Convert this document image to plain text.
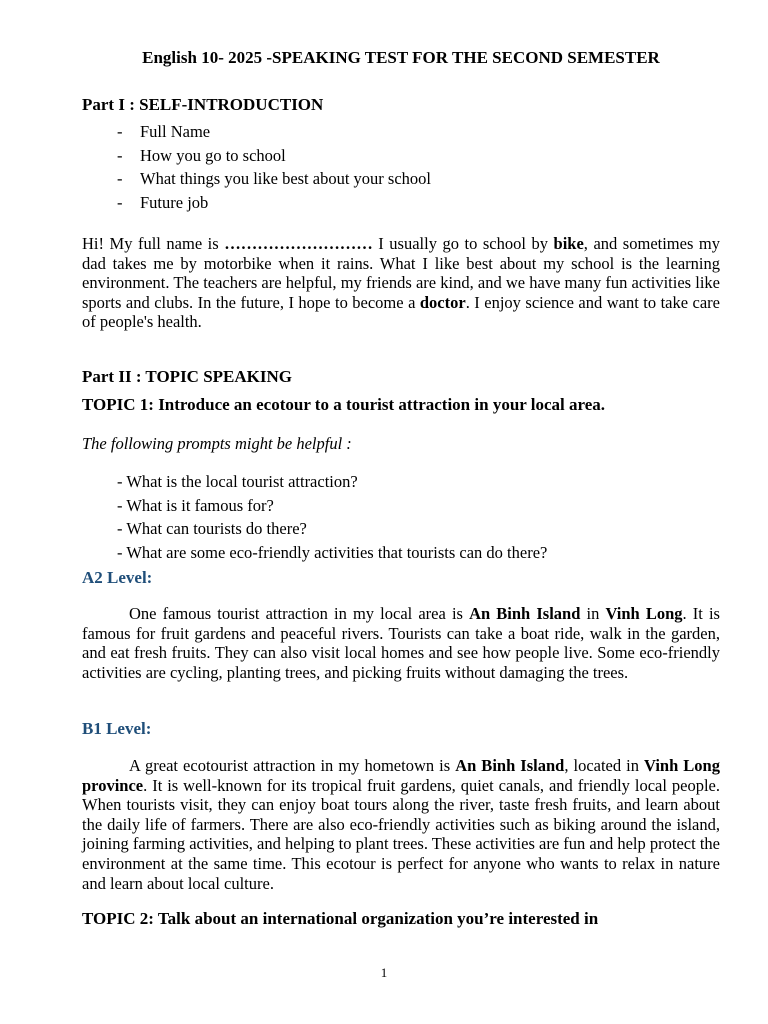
English 10- 2025 -SPEAKING TEST FOR THE SECOND SEMESTER
Part I : SELF-INTRODUCTION
- Full Name
- How you go to school
- What things you like best about your school
- Future job

Hi! My full name is ……………………… I usually go to school by bike, and sometimes my dad takes me by motorbike when it rains. What I like best about my school is the learning environment. The teachers are helpful, my friends are kind, and we have many fun activities like sports and clubs. In the future, I hope to become a doctor. I enjoy science and want to take care of people's health.

Part II : TOPIC SPEAKING
TOPIC 1: Introduce an ecotour to a tourist attraction in your local area.
The following prompts might be helpful :
- What is the local tourist attraction?
- What is it famous for?
- What can tourists do there?
- What are some eco-friendly activities that tourists can do there?
A2 Level:

One famous tourist attraction in my local area is An Binh Island in Vinh Long. It is famous for fruit gardens and peaceful rivers. Tourists can take a boat ride, walk in the garden, and eat fresh fruits. They can also visit local homes and see how people live. Some eco-friendly activities are cycling, planting trees, and picking fruits without damaging the trees.

B1 Level:

A great ecotourist attraction in my hometown is An Binh Island, located in Vinh Long province. It is well-known for its tropical fruit gardens, quiet canals, and friendly local people. When tourists visit, they can enjoy boat tours along the river, taste fresh fruits, and learn about the daily life of farmers. There are also eco-friendly activities such as biking around the island, joining farming activities, and helping to plant trees. These activities are fun and help protect the environment at the same time. This ecotour is perfect for anyone who wants to relax in nature and learn about local culture.

TOPIC 2: Talk about an international organization you’re interested in
1
